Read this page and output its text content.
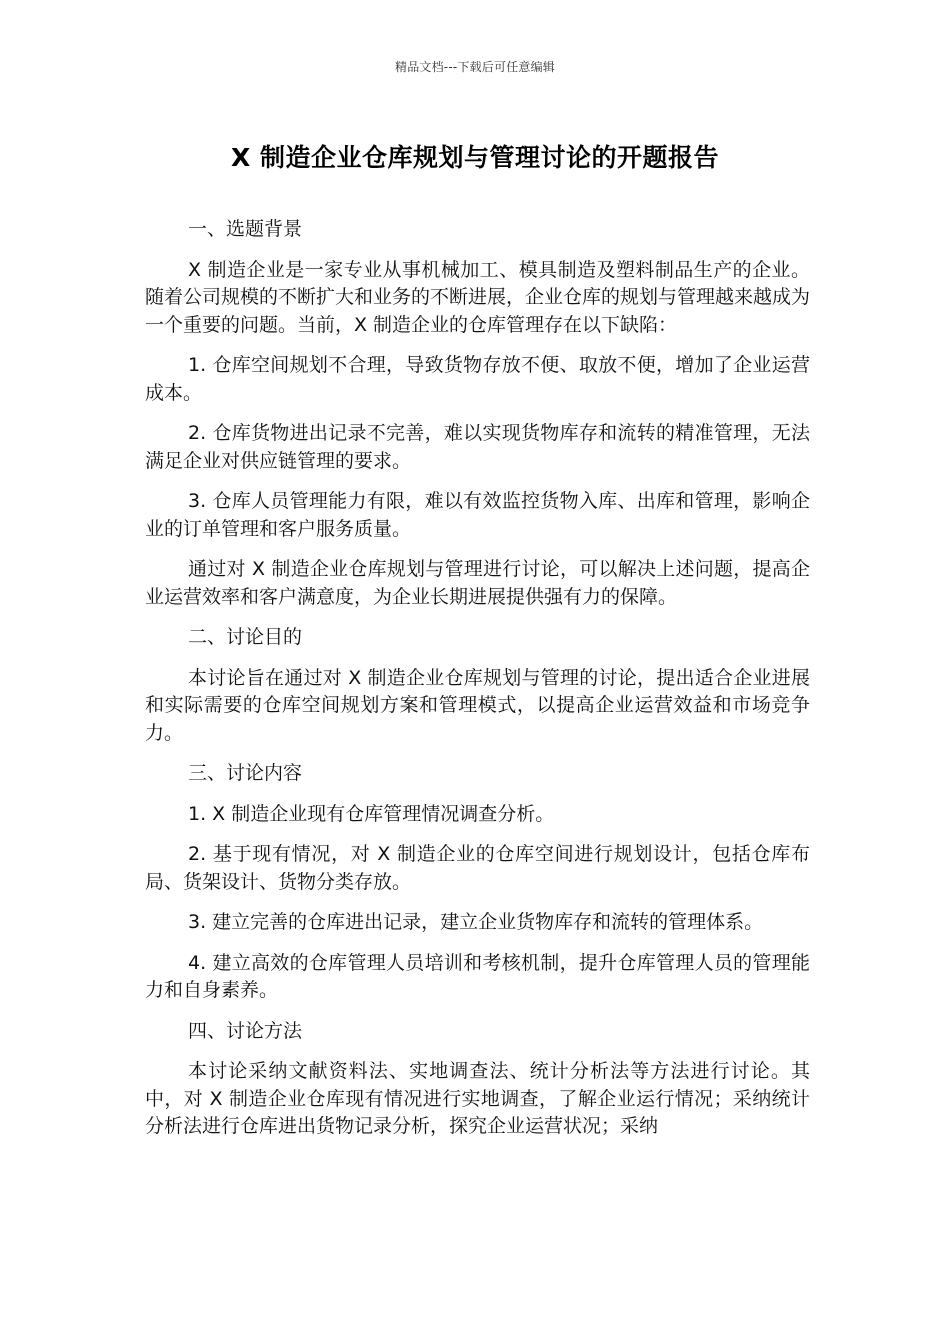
精品文档---下载后可任意编辑
X 制造企业仓库规划与管理讨论的开题报告

一、选题背景

X 制造企业是一家专业从事机械加工、模具制造及塑料制品生产的企业。随着公司规模的不断扩大和业务的不断进展，企业仓库的规划与管理越来越成为一个重要的问题。当前，X 制造企业的仓库管理存在以下缺陷：

1. 仓库空间规划不合理，导致货物存放不便、取放不便，增加了企业运营成本。

2. 仓库货物进出记录不完善，难以实现货物库存和流转的精准管理，无法满足企业对供应链管理的要求。

3. 仓库人员管理能力有限，难以有效监控货物入库、出库和管理，影响企业的订单管理和客户服务质量。

通过对 X 制造企业仓库规划与管理进行讨论，可以解决上述问题，提高企业运营效率和客户满意度，为企业长期进展提供强有力的保障。

二、讨论目的

本讨论旨在通过对 X 制造企业仓库规划与管理的讨论，提出适合企业进展和实际需要的仓库空间规划方案和管理模式，以提高企业运营效益和市场竞争力。

三、讨论内容

1. X 制造企业现有仓库管理情况调查分析。

2. 基于现有情况，对 X 制造企业的仓库空间进行规划设计，包括仓库布局、货架设计、货物分类存放。

3. 建立完善的仓库进出记录，建立企业货物库存和流转的管理体系。

4. 建立高效的仓库管理人员培训和考核机制，提升仓库管理人员的管理能力和自身素养。

四、讨论方法

本讨论采纳文献资料法、实地调查法、统计分析法等方法进行讨论。其中，对 X 制造企业仓库现有情况进行实地调查，了解企业运行情况；采纳统计分析法进行仓库进出货物记录分析，探究企业运营状况；采纳
